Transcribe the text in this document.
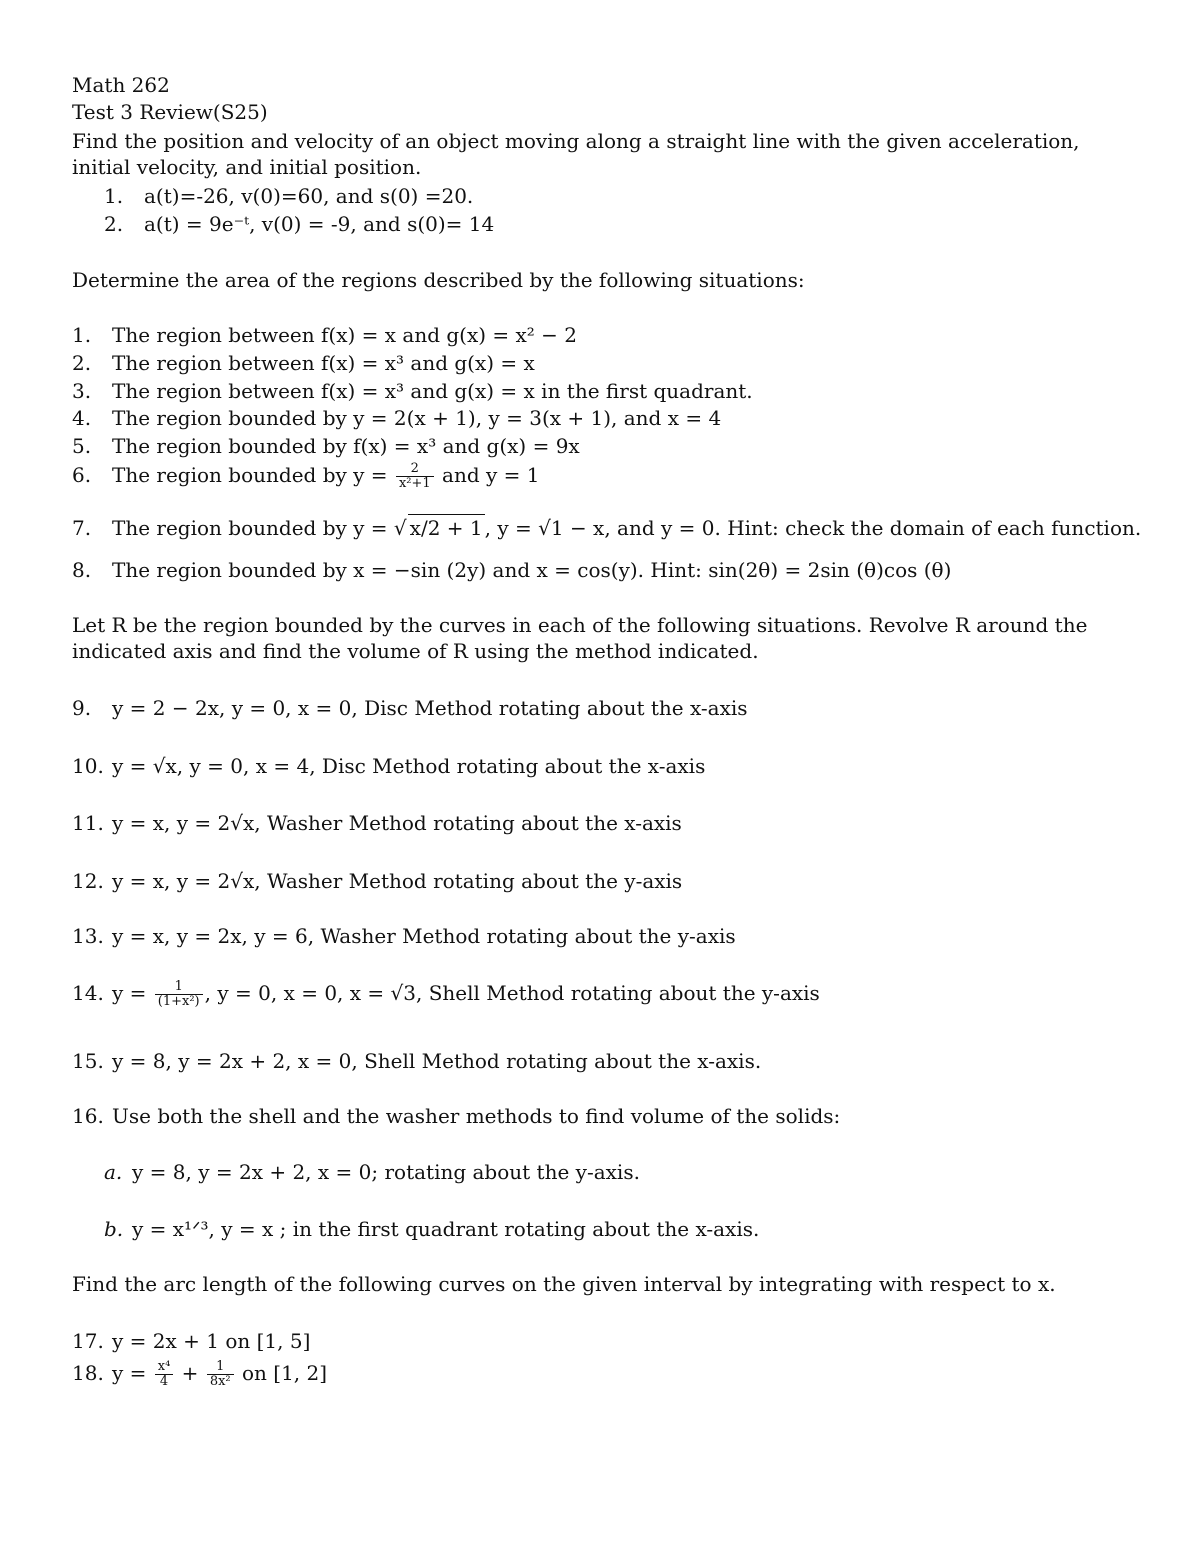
Math 262
Test 3 Review(S25)
Find the position and velocity of an object moving along a straight line with the given acceleration, initial velocity, and initial position.
1. a(t)=-26, v(0)=60, and s(0) =20.
2. a(t) = 9e⁻ᵗ, v(0) = -9, and s(0)= 14
Determine the area of the regions described by the following situations:
1. The region between f(x) = x and g(x) = x² − 2
2. The region between f(x) = x³ and g(x) = x
3. The region between f(x) = x³ and g(x) = x in the first quadrant.
4. The region bounded by y = 2(x + 1), y = 3(x + 1), and x = 4
5. The region bounded by f(x) = x³ and g(x) = 9x
6. The region bounded by $y = \frac{2}{\text{x²+1}}$ and y = 1
7. The region bounded by y = √ x/2 + 1 , y = √1 − x, and y = 0. Hint: check the domain of each function.
8. The region bounded by x = −sin (2y) and x = cos(y). Hint: sin(2θ) = 2sin (θ)cos (θ)
Let R be the region bounded by the curves in each of the following situations. Revolve R around the indicated axis and find the volume of R using the method indicated.
9. y = 2 − 2x, y = 0, x = 0, Disc Method rotating about the x-axis
10. y = √x, y = 0, x = 4, Disc Method rotating about the x-axis
11. y = x, y = 2√x, Washer Method rotating about the x-axis
12. y = x, y = 2√x, Washer Method rotating about the y-axis
13. y = x, y = 2x, y = 6, Washer Method rotating about the y-axis
14. $y = \frac{1}{\text{(1+x²)}}$ , y = 0, x = 0, x = √3, Shell Method rotating about the y-axis
15. y = 8, y = 2x + 2, x = 0, Shell Method rotating about the x-axis.
16. Use both the shell and the washer methods to find volume of the solids:
a. y = 8, y = 2x + 2, x = 0; rotating about the y-axis.
b. y = x¹ᐟ³, y = x ; in the first quadrant rotating about the x-axis.
Find the arc length of the following curves on the given interval by integrating with respect to x.
17. y = 2x + 1 on [1, 5]
18. $y = \frac{\text{x⁴}}{4} + \frac{1}{\text{8x²}}$ on [1, 2]
